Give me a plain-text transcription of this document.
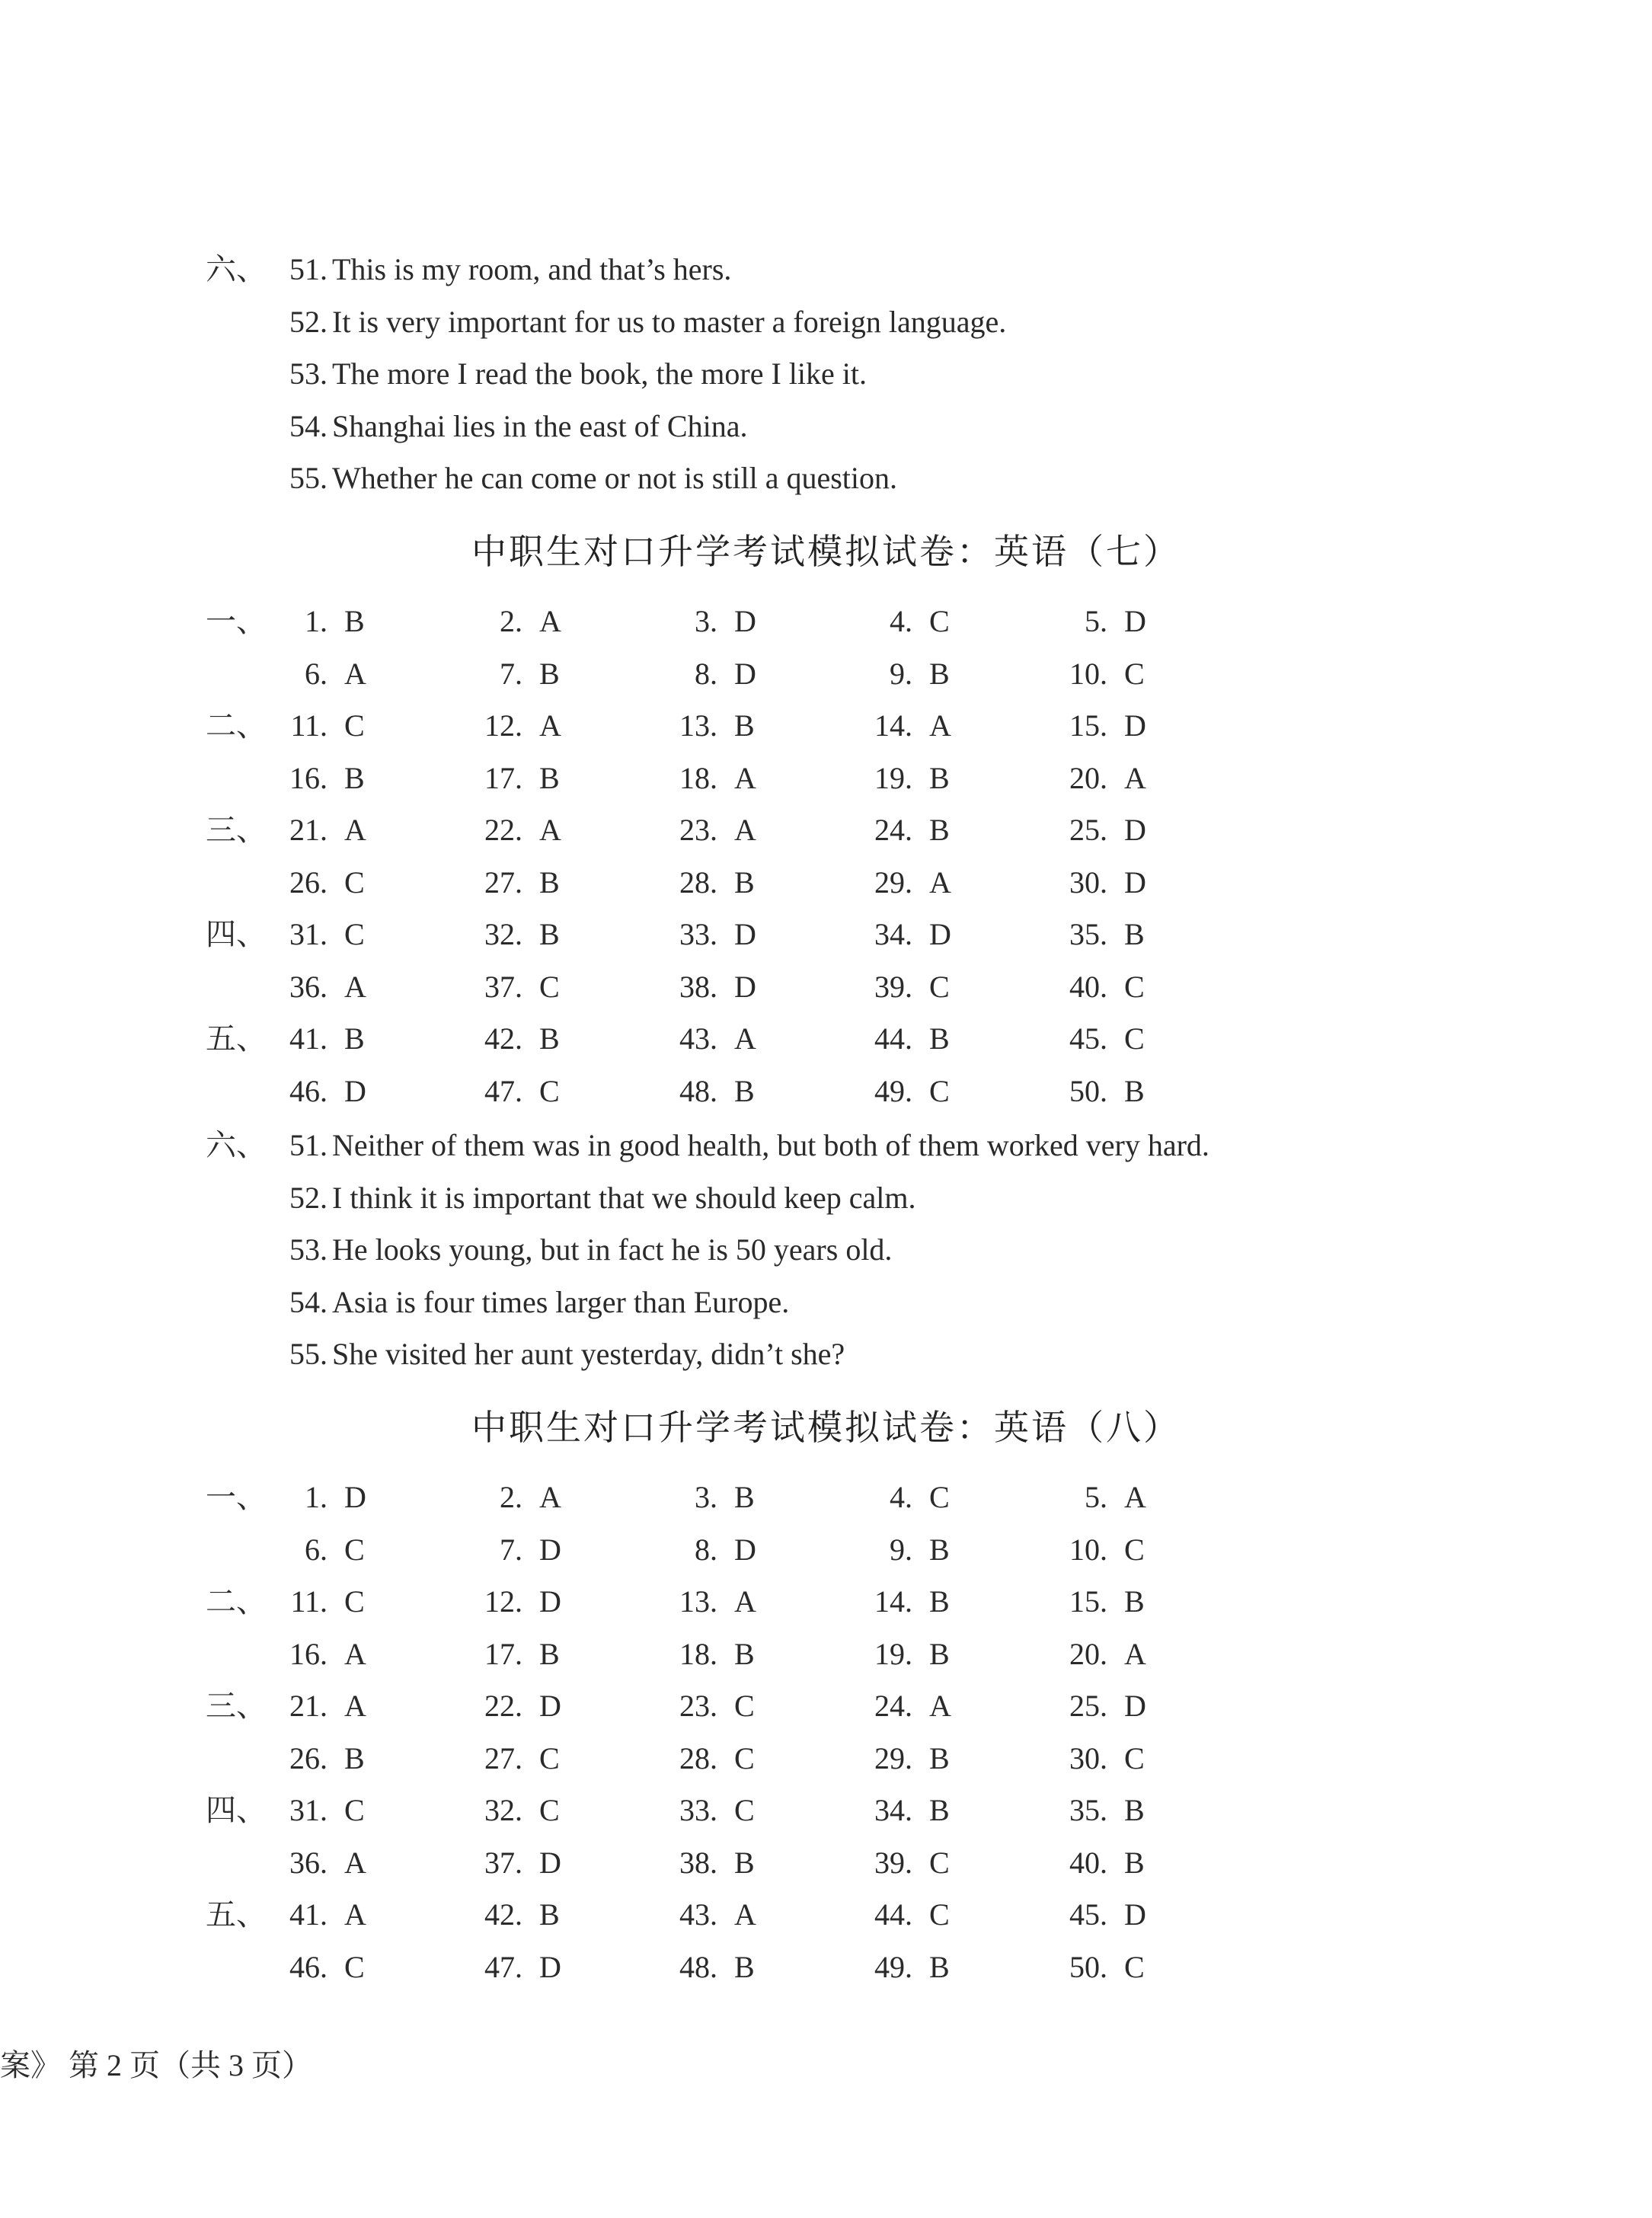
六、 51. This is my room, and that’s hers.
52. It is very important for us to master a foreign language.
53. The more I read the book, the more I like it.
54. Shanghai lies in the east of China.
55. Whether he can come or not is still a question.
中职生对口升学考试模拟试卷：英语（七）
一、	1. B	2. A	3. D	4. C	5. D
6. A	7. B	8. D	9. B	10. C
二、 11. C	12. A	13. B	14. A	15. D
16. B	17. B	18. A	19. B	20. A
三、 21. A	22. A	23. A	24. B	25. D
26. C	27. B	28. B	29. A	30. D
四、 31. C	32. B	33. D	34. D	35. B
36. A	37. C	38. D	39. C	40. C
五、 41. B	42. B	43. A	44. B	45. C
46. D	47. C	48. B	49. C	50. B
六、 51. Neither of them was in good health, but both of them worked very hard.
52. I think it is important that we should keep calm.
53. He looks young, but in fact he is 50 years old.
54. Asia is four times larger than Europe.
55. She visited her aunt yesterday, didn’t she?
中职生对口升学考试模拟试卷：英语（八）
一、	1. D	2. A	3. B	4. C	5. A
6. C	7. D	8. D	9. B	10. C
二、 11. C	12. D	13. A	14. B	15. B
16. A	17. B	18. B	19. B	20. A
三、 21. A	22. D	23. C	24. A	25. D
26. B	27. C	28. C	29. B	30. C
四、 31. C	32. C	33. C	34. B	35. B
36. A	37. D	38. B	39. C	40. B
五、 41. A	42. B	43. A	44. C	45. D
46. C	47. D	48. B	49. B	50. C
案》 第 2 页（共 3 页）
